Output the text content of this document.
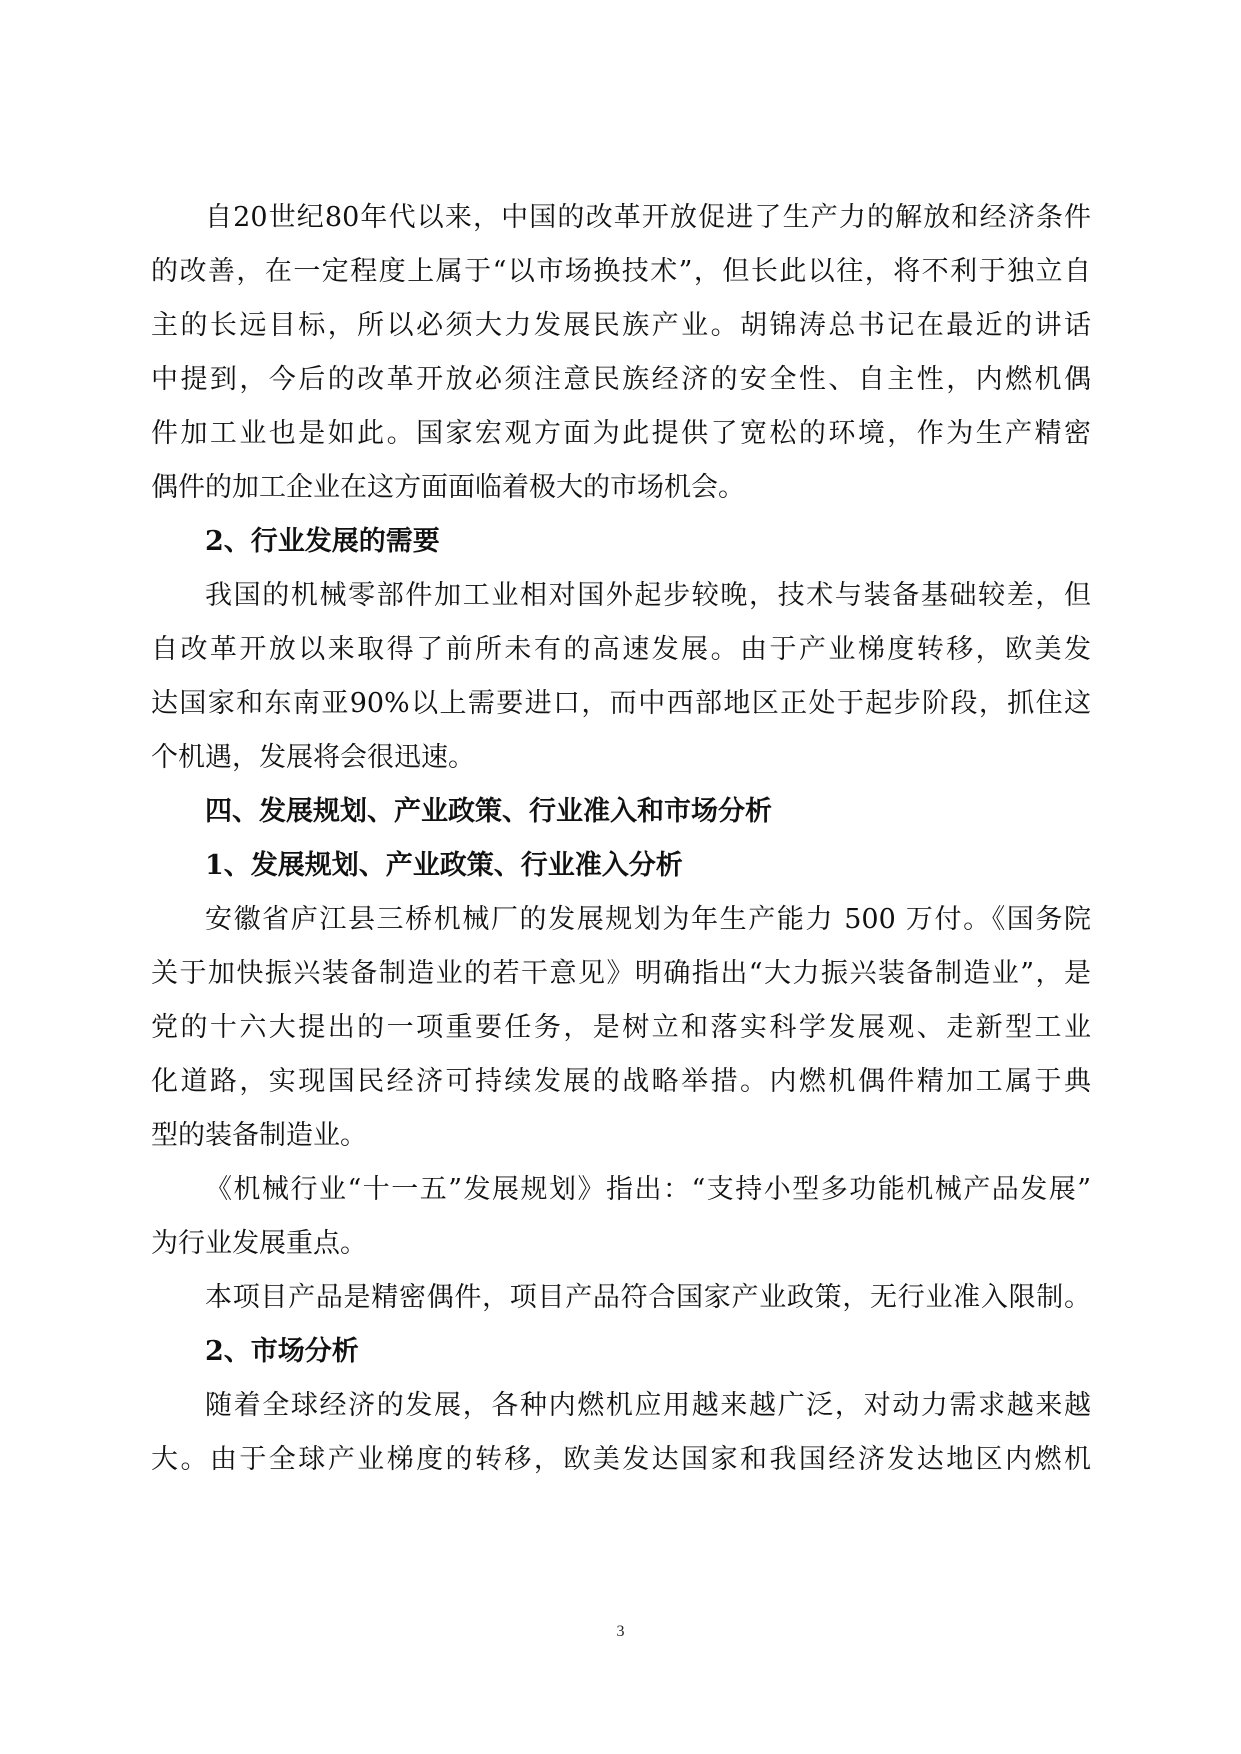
自20世纪80年代以来，中国的改革开放促进了生产力的解放和经济条件
的改善，在一定程度上属于“以市场换技术”，但长此以往，将不利于独立自
主的长远目标，所以必须大力发展民族产业。胡锦涛总书记在最近的讲话
中提到，今后的改革开放必须注意民族经济的安全性、自主性，内燃机偶
件加工业也是如此。国家宏观方面为此提供了宽松的环境，作为生产精密
偶件的加工企业在这方面面临着极大的市场机会。
2、行业发展的需要
我国的机械零部件加工业相对国外起步较晚，技术与装备基础较差，但
自改革开放以来取得了前所未有的高速发展。由于产业梯度转移，欧美发
达国家和东南亚90%以上需要进口，而中西部地区正处于起步阶段，抓住这
个机遇，发展将会很迅速。
四、发展规划、产业政策、行业准入和市场分析
1、发展规划、产业政策、行业准入分析
安徽省庐江县三桥机械厂的发展规划为年生产能力 500 万付。《国务院
关于加快振兴装备制造业的若干意见》明确指出“大力振兴装备制造业”，是
党的十六大提出的一项重要任务，是树立和落实科学发展观、走新型工业
化道路，实现国民经济可持续发展的战略举措。内燃机偶件精加工属于典
型的装备制造业。
《机械行业“十一五”发展规划》指出：“支持小型多功能机械产品发展”
为行业发展重点。
本项目产品是精密偶件，项目产品符合国家产业政策，无行业准入限制。
2、市场分析
随着全球经济的发展，各种内燃机应用越来越广泛，对动力需求越来越
大。由于全球产业梯度的转移，欧美发达国家和我国经济发达地区内燃机
3
